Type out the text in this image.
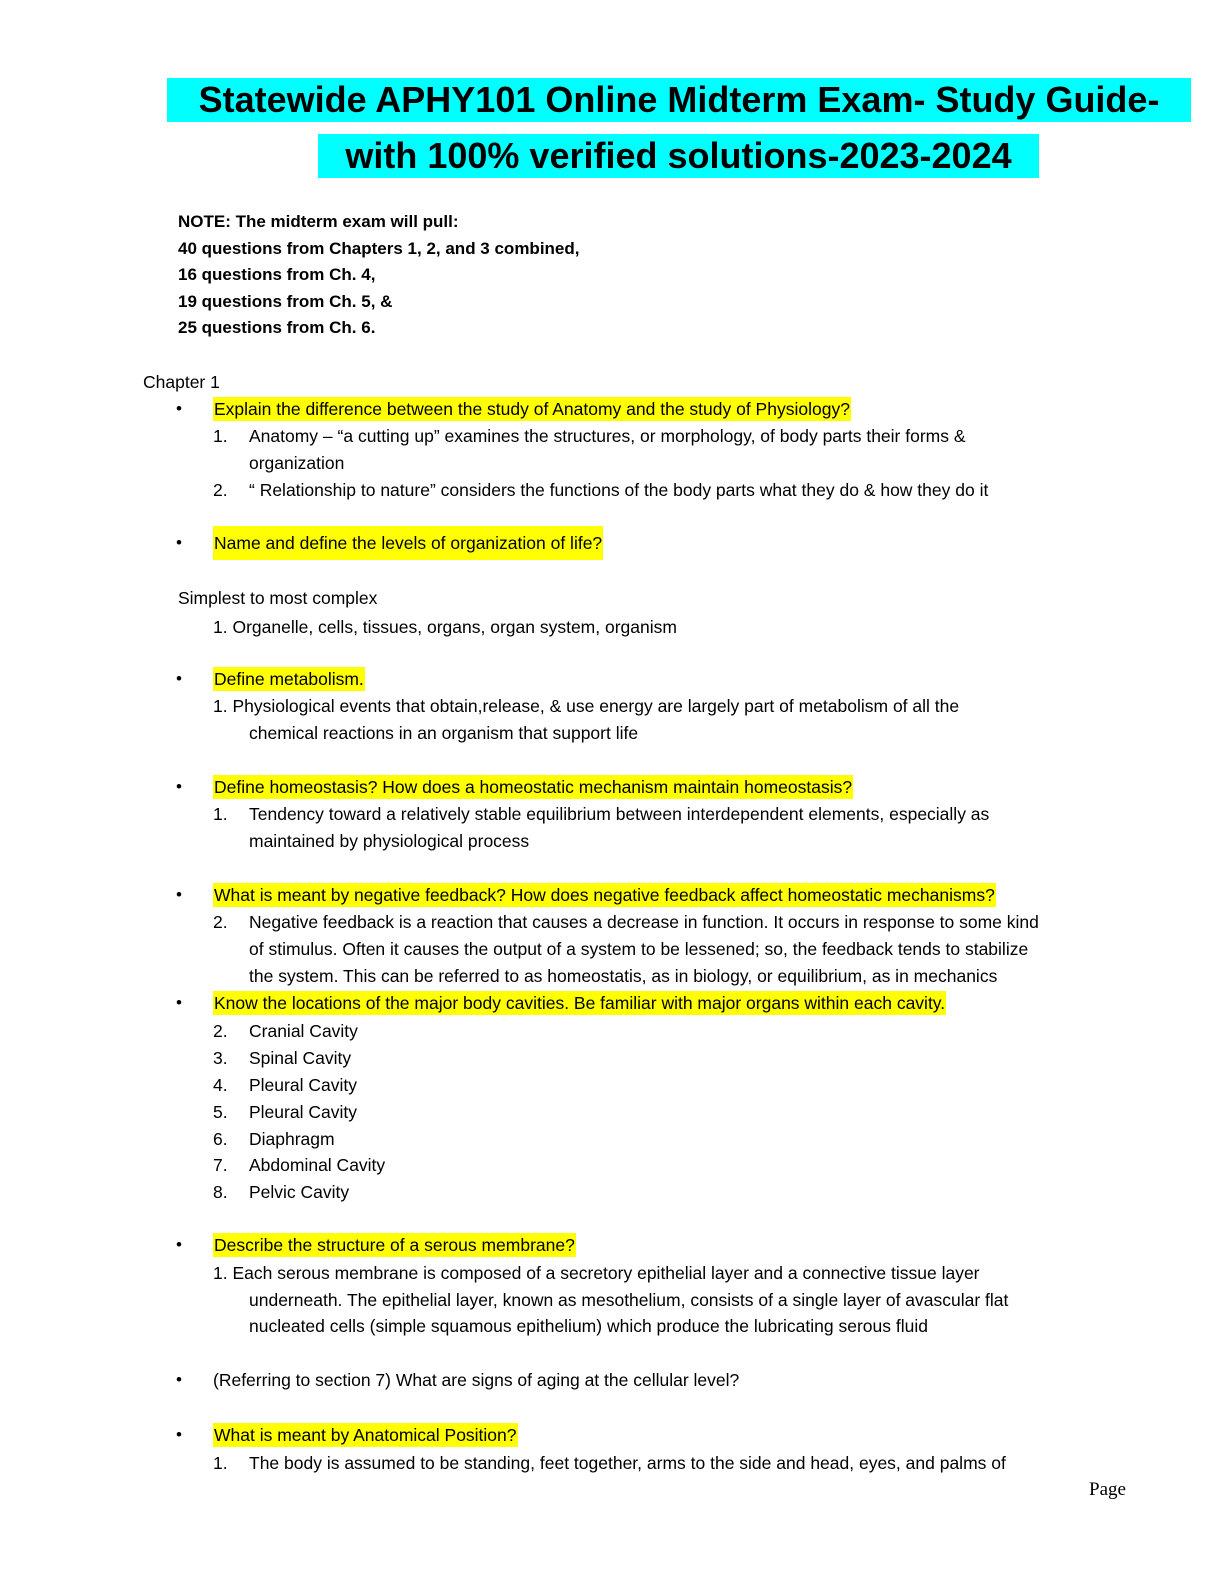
Statewide APHY101 Online Midterm Exam- Study Guide-
with 100% verified solutions-2023-2024
NOTE: The midterm exam will pull:
40 questions from Chapters 1, 2, and 3 combined,
16 questions from Ch. 4,
19 questions from Ch. 5, &
25 questions from Ch. 6.
Chapter 1
• Explain the difference between the study of Anatomy and the study of Physiology?
1. Anatomy – “a cutting up” examines the structures, or morphology, of body parts their forms &
organization
2. “ Relationship to nature” considers the functions of the body parts what they do & how they do it
• Name and define the levels of organization of life?
Simplest to most complex
1. Organelle, cells, tissues, organs, organ system, organism
• Define metabolism.
1. Physiological events that obtain,release, & use energy are largely part of metabolism of all the
chemical reactions in an organism that support life
• Define homeostasis? How does a homeostatic mechanism maintain homeostasis?
1. Tendency toward a relatively stable equilibrium between interdependent elements, especially as
maintained by physiological process
• What is meant by negative feedback? How does negative feedback affect homeostatic mechanisms?
2. Negative feedback is a reaction that causes a decrease in function. It occurs in response to some kind
of stimulus. Often it causes the output of a system to be lessened; so, the feedback tends to stabilize
the system. This can be referred to as homeostatis, as in biology, or equilibrium, as in mechanics
• Know the locations of the major body cavities. Be familiar with major organs within each cavity.
2. Cranial Cavity
3. Spinal Cavity
4. Pleural Cavity
5. Pleural Cavity
6. Diaphragm
7. Abdominal Cavity
8. Pelvic Cavity
• Describe the structure of a serous membrane?
1. Each serous membrane is composed of a secretory epithelial layer and a connective tissue layer
underneath. The epithelial layer, known as mesothelium, consists of a single layer of avascular flat
nucleated cells (simple squamous epithelium) which produce the lubricating serous fluid
• (Referring to section 7) What are signs of aging at the cellular level?
• What is meant by Anatomical Position?
1. The body is assumed to be standing, feet together, arms to the side and head, eyes, and palms of
Page
